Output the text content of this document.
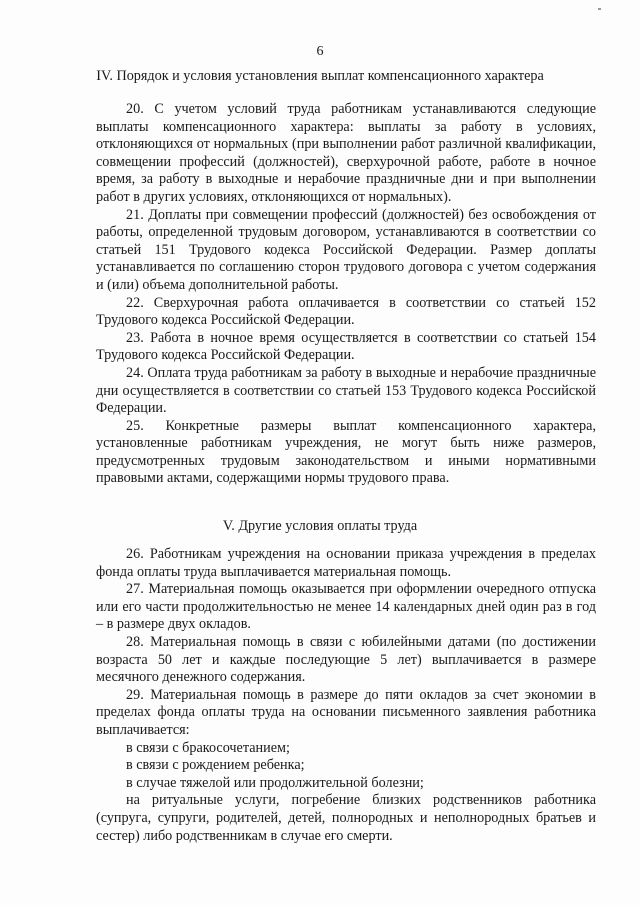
6
IV. Порядок и условия установления выплат компенсационного характера

20. С учетом условий труда работникам устанавливаются следующие выплаты компенсационного характера: выплаты за работу в условиях, отклоняющихся от нормальных (при выполнении работ различной квалификации, совмещении профессий (должностей), сверхурочной работе, работе в ночное время, за работу в выходные и нерабочие праздничные дни и при выполнении работ в других условиях, отклоняющихся от нормальных).

21. Доплаты при совмещении профессий (должностей) без освобождения от работы, определенной трудовым договором, устанавливаются в соответствии со статьей 151 Трудового кодекса Российской Федерации. Размер доплаты устанавливается по соглашению сторон трудового договора с учетом содержания и (или) объема дополнительной работы.

22. Сверхурочная работа оплачивается в соответствии со статьей 152 Трудового кодекса Российской Федерации.

23. Работа в ночное время осуществляется в соответствии со статьей 154 Трудового кодекса Российской Федерации.

24. Оплата труда работникам за работу в выходные и нерабочие праздничные дни осуществляется в соответствии со статьей 153 Трудового кодекса Российской Федерации.

25. Конкретные размеры выплат компенсационного характера, установленные работникам учреждения, не могут быть ниже размеров, предусмотренных трудовым законодательством и иными нормативными правовыми актами, содержащими нормы трудового права.

V. Другие условия оплаты труда

26. Работникам учреждения на основании приказа учреждения в пределах фонда оплаты труда выплачивается материальная помощь.

27. Материальная помощь оказывается при оформлении очередного отпуска или его части продолжительностью не менее 14 календарных дней один раз в год – в размере двух окладов.

28. Материальная помощь в связи с юбилейными датами (по достижении возраста 50 лет и каждые последующие 5 лет) выплачивается в размере месячного денежного содержания.

29. Материальная помощь в размере до пяти окладов за счет экономии в пределах фонда оплаты труда на основании письменного заявления работника выплачивается:

в связи с бракосочетанием;

в связи с рождением ребенка;

в случае тяжелой или продолжительной болезни;

на ритуальные услуги, погребение близких родственников работника (супруга, супруги, родителей, детей, полнородных и неполнородных братьев и сестер) либо родственникам в случае его смерти.
